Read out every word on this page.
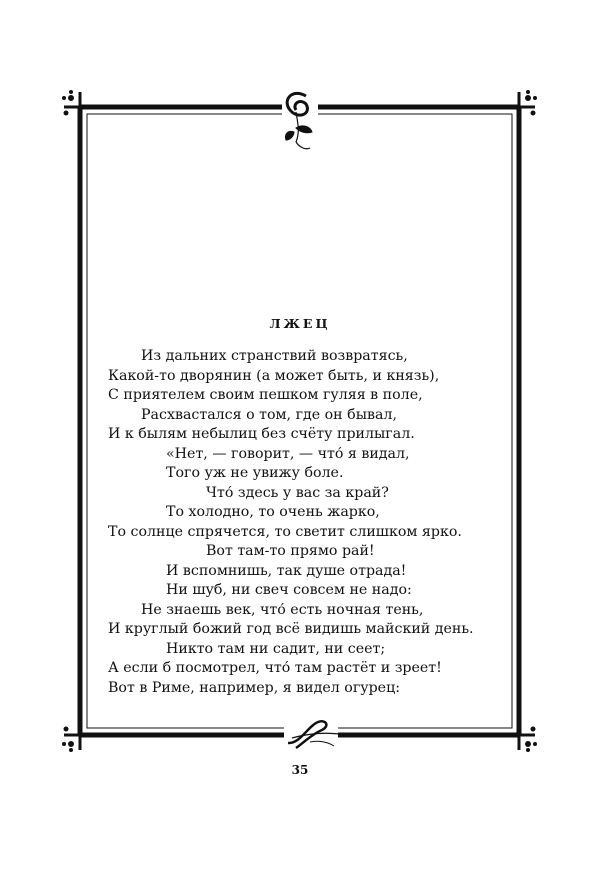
ЛЖЕЦ
Из дальних странствий возвратясь,
Какой-то дворянин (а может быть, и князь),
С приятелем своим пешком гуляя в поле,
Расхвастался о том, где он бывал,
И к былям небылиц без счёту прилыгал.
«Нет, — говорит, — что́ я видал,
Того уж не увижу боле.
Что́ здесь у вас за край?
То холодно, то очень жарко,
То солнце спрячется, то светит слишком ярко.
Вот там-то прямо рай!
И вспомнишь, так душе отрада!
Ни шуб, ни свеч совсем не надо:
Не знаешь век, что́ есть ночная тень,
И круглый божий год всё видишь майский день.
Никто там ни садит, ни сеет;
А если б посмотрел, что́ там растёт и зреет!
Вот в Риме, например, я видел огурец:
35
